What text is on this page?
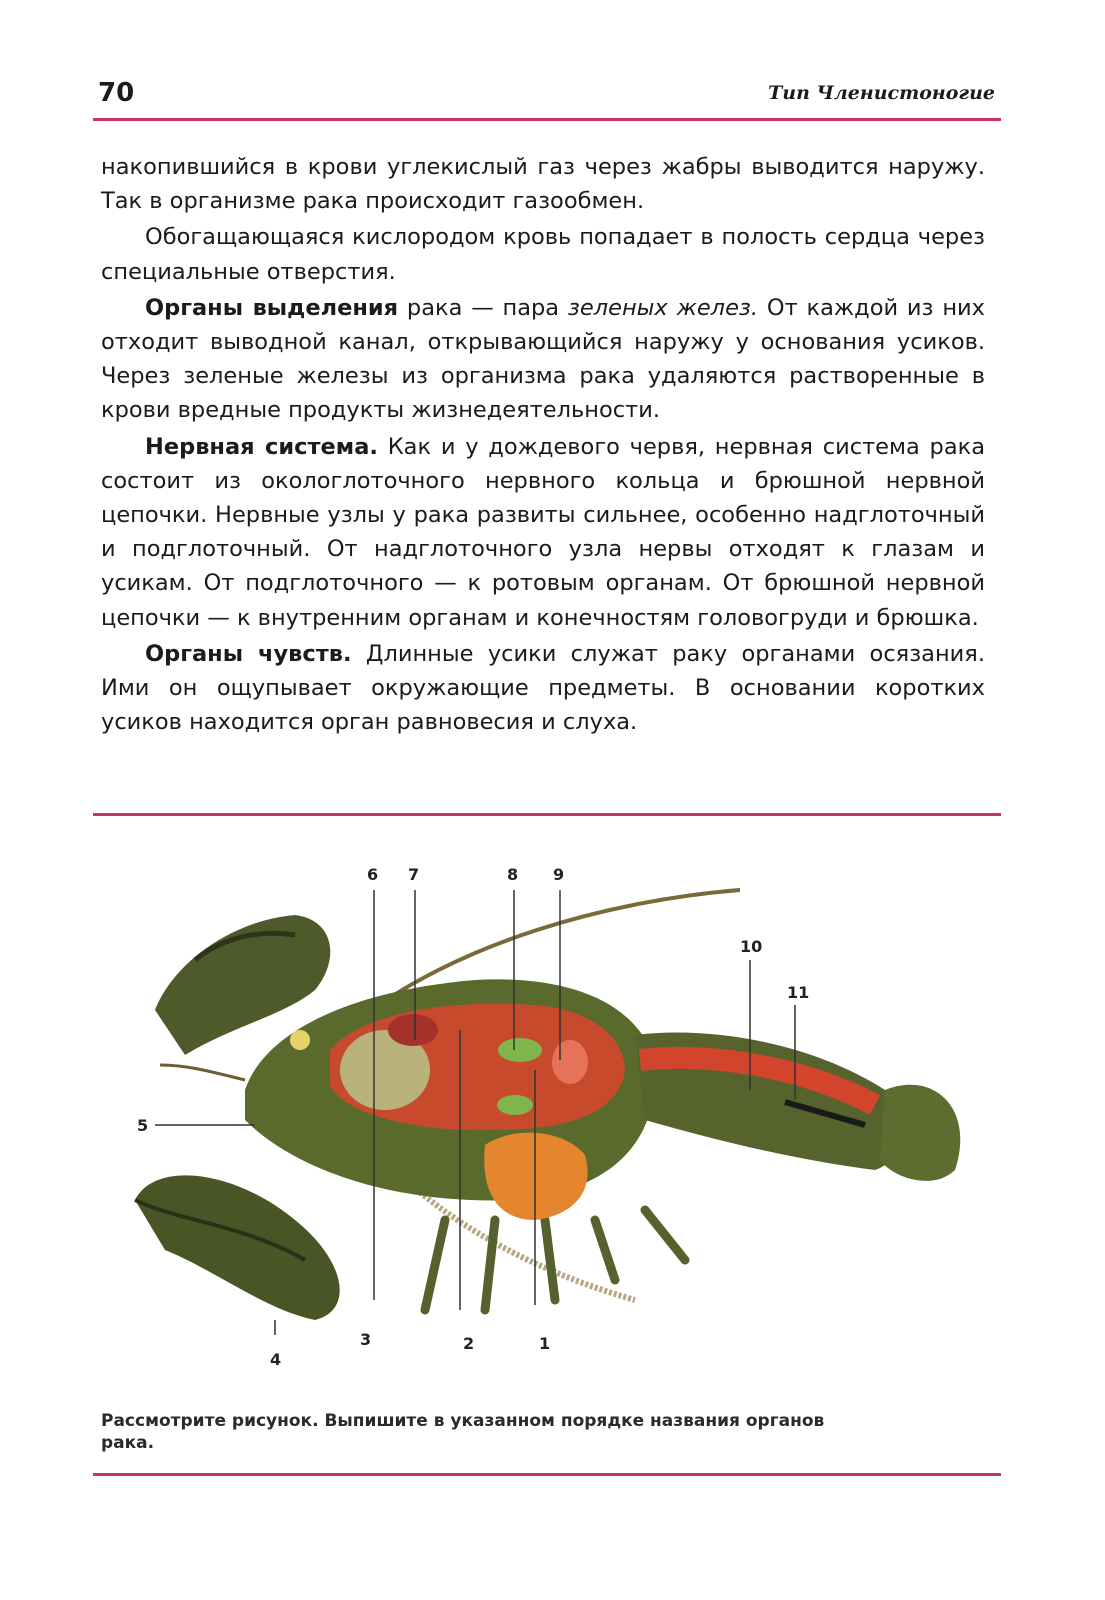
70	Тип Членистоногие

накопившийся в крови углекислый газ через жабры выводится наружу. Так в организме рака происходит газообмен.

Обогащающаяся кислородом кровь попадает в полость сердца через специальные отверстия.

Органы выделения рака — пара зеленых желез. От каждой из них отходит выводной канал, открывающийся наружу у основания усиков. Через зеленые железы из организма рака удаляются растворенные в крови вредные продукты жизнедеятельности.

Нервная система. Как и у дождевого червя, нервная система рака состоит из окологлоточного нервного кольца и брюшной нервной цепочки. Нервные узлы у рака развиты сильнее, особенно надглоточный и подглоточный. От надглоточного узла нервы отходят к глазам и усикам. От подглоточного — к ротовым органам. От брюшной нервной цепочки — к внутренним органам и конечностям головогруди и брюшка.

Органы чувств. Длинные усики служат раку органами осязания. Ими он ощупывает окружающие предметы. В основании коротких усиков находится орган равновесия и слуха.

1
2
3
4
5
6 7	8 9
10
11
Рассмотрите рисунок. Выпишите в указанном порядке названия органов рака.
